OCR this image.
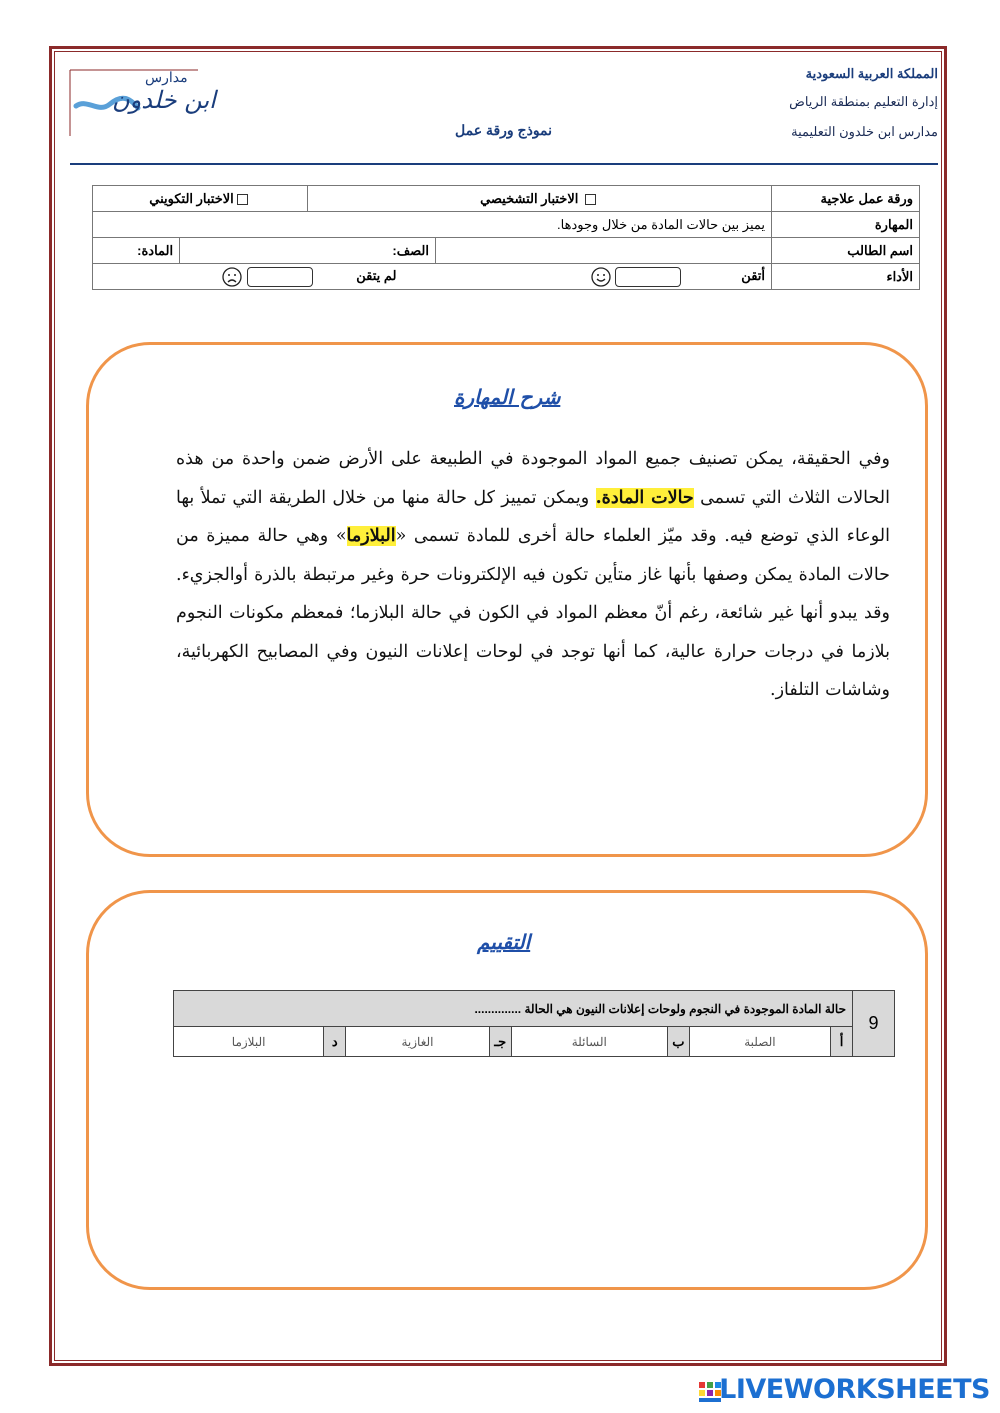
مدارس
ابن خلدون
المملكة العربية السعودية
إدارة التعليم بمنطقة الرياض
مدارس ابن خلدون التعليمية
نموذج ورقة عمل
ورقة عمل علاجية	الاختبار التشخيصي		الاختبار التكويني	
المهارة	يميز بين حالات المادة من خلال وجودها.			
اسم الطالب		الصف:		المادة:
الأداء	أتقن    لم يتقن			
شرح المهارة
وفي الحقيقة، يمكن تصنيف جميع المواد الموجودة في الطبيعة على الأرض ضمن واحدة من هذه الحالات الثلاث التي تسمى حالات المادة. ويمكن تمييز كل حالة منها من خلال الطريقة التي تملأ بها الوعاء الذي توضع فيه. وقد ميّز العلماء حالة أخرى للمادة تسمى «البلازما» وهي حالة مميزة من حالات المادة يمكن وصفها بأنها غاز متأين تكون فيه الإلكترونات حرة وغير مرتبطة بالذرة أوالجزيء. وقد يبدو أنها غير شائعة، رغم أنّ معظم المواد في الكون في حالة البلازما؛ فمعظم مكونات النجوم بلازما في درجات حرارة عالية، كما أنها توجد في لوحات إعلانات النيون وفي المصابيح الكهربائية، وشاشات التلفاز.
التقييم
9	حالة المادة الموجودة في النجوم ولوحات إعلانات النيون هي الحالة ..............							
	أ	الصلبة	ب	السائلة	جـ	الغازية	د	البلازما
LIVEWORKSHEETS
